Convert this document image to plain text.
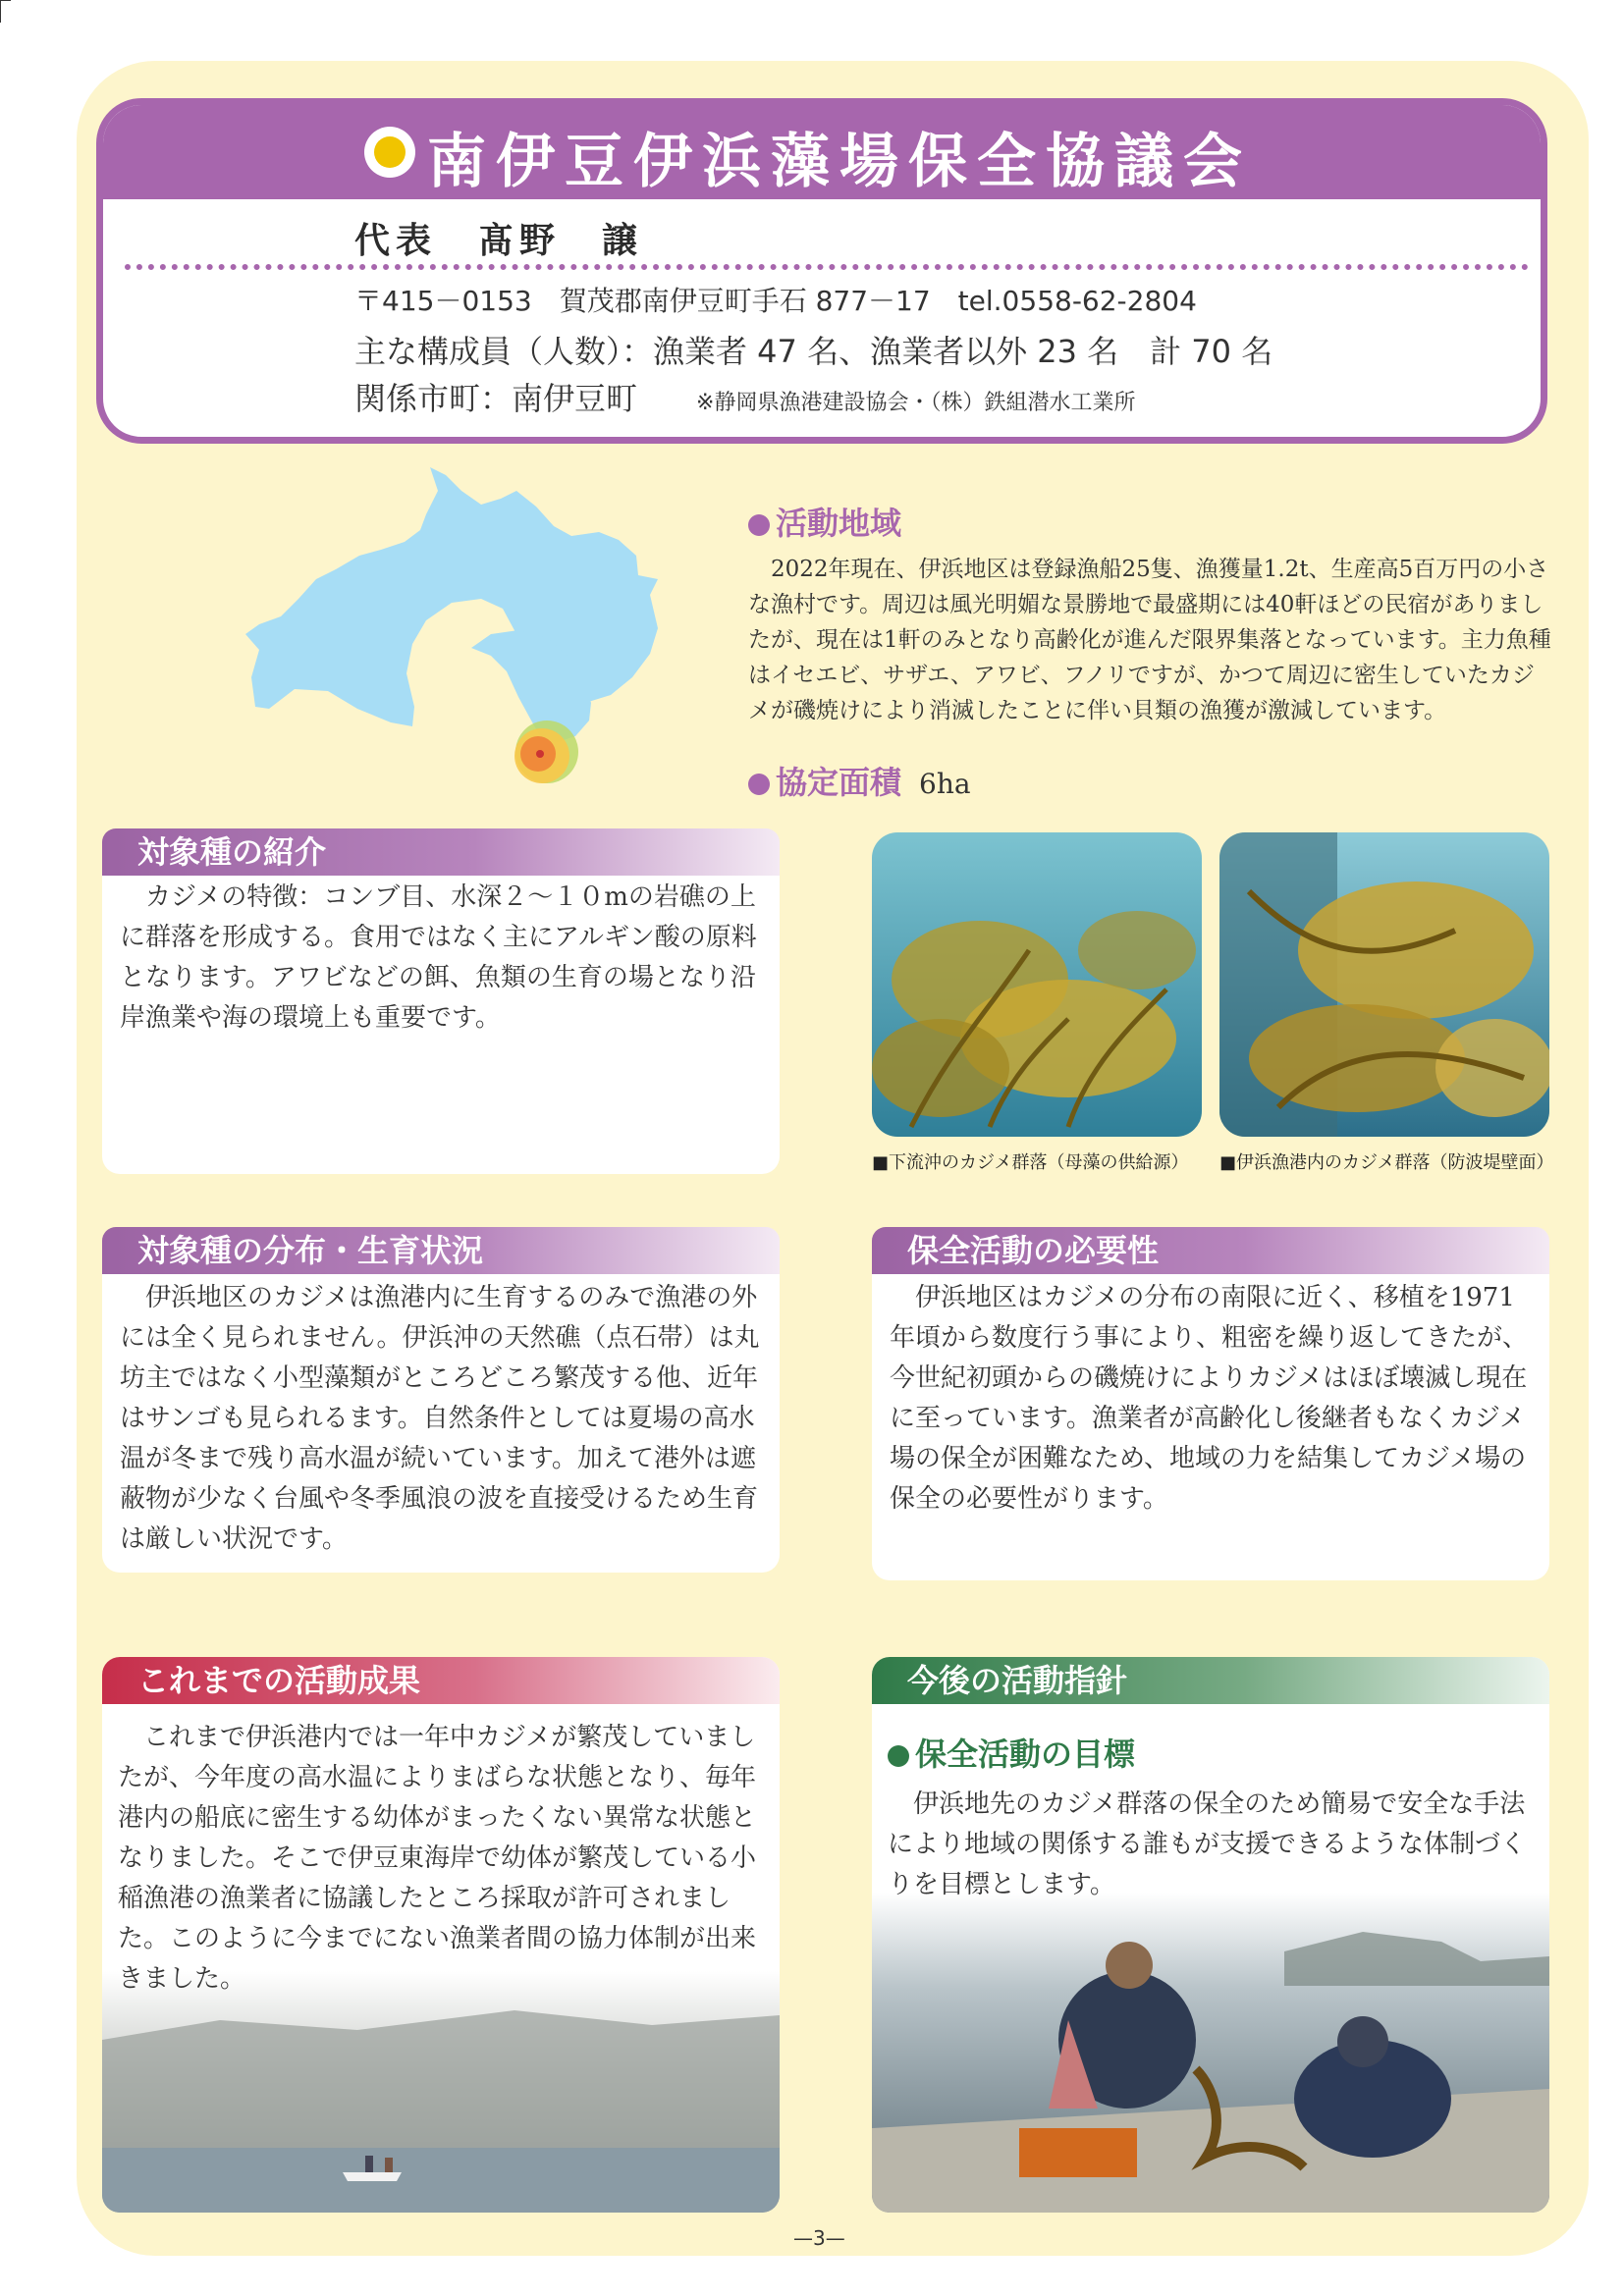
南伊豆伊浜藻場保全協議会
代表　髙野　譲
〒415－0153　賀茂郡南伊豆町手石 877－17　tel.0558-62-2804
主な構成員（人数）：漁業者 47 名、漁業者以外 23 名　計 70 名
関係市町：南伊豆町	※静岡県漁港建設協会・（株）鉄組潜水工業所
活動地域
2022年現在、伊浜地区は登録漁船25隻、漁獲量1.2t、生産高5百万円の小さな漁村です。周辺は風光明媚な景勝地で最盛期には40軒ほどの民宿がありましたが、現在は1軒のみとなり高齢化が進んだ限界集落となっています。主力魚種はイセエビ、サザエ、アワビ、フノリですが、かつて周辺に密生していたカジメが磯焼けにより消滅したことに伴い貝類の漁獲が激減しています。
協定面積 6ha
対象種の紹介
カジメの特徴：コンブ目、水深２～１０mの岩礁の上に群落を形成する。食用ではなく主にアルギン酸の原料となります。アワビなどの餌、魚類の生育の場となり沿岸漁業や海の環境上も重要です。
■ 下流沖のカジメ群落（母藻の供給源）
■	伊浜漁港内のカジメ群落（防波堤壁面）
対象種の分布・生育状況
伊浜地区のカジメは漁港内に生育するのみで漁港の外には全く見られません。伊浜沖の天然礁（点石帯）は丸坊主ではなく小型藻類がところどころ繁茂する他、近年はサンゴも見られるます。自然条件としては夏場の高水温が冬まで残り高水温が続いています。加えて港外は遮蔽物が少なく台風や冬季風浪の波を直接受けるため生育は厳しい状況です。
保全活動の必要性
伊浜地区はカジメの分布の南限に近く、移植を1971年頃から数度行う事により、粗密を繰り返してきたが、今世紀初頭からの磯焼けによりカジメはほぼ壊滅し現在に至っています。漁業者が高齢化し後継者もなくカジメ場の保全が困難なため、地域の力を結集してカジメ場の保全の必要性がります。
これまでの活動成果
これまで伊浜港内では一年中カジメが繁茂していましたが、今年度の高水温によりまばらな状態となり、毎年港内の船底に密生する幼体がまったくない異常な状態となりました。そこで伊豆東海岸で幼体が繁茂している小稲漁港の漁業者に協議したところ採取が許可されました。このように今までにない漁業者間の協力体制が出来きました。
今後の活動指針
保全活動の目標
伊浜地先のカジメ群落の保全のため簡易で安全な手法により地域の関係する誰もが支援できるような体制づくりを目標とします。
—3—
